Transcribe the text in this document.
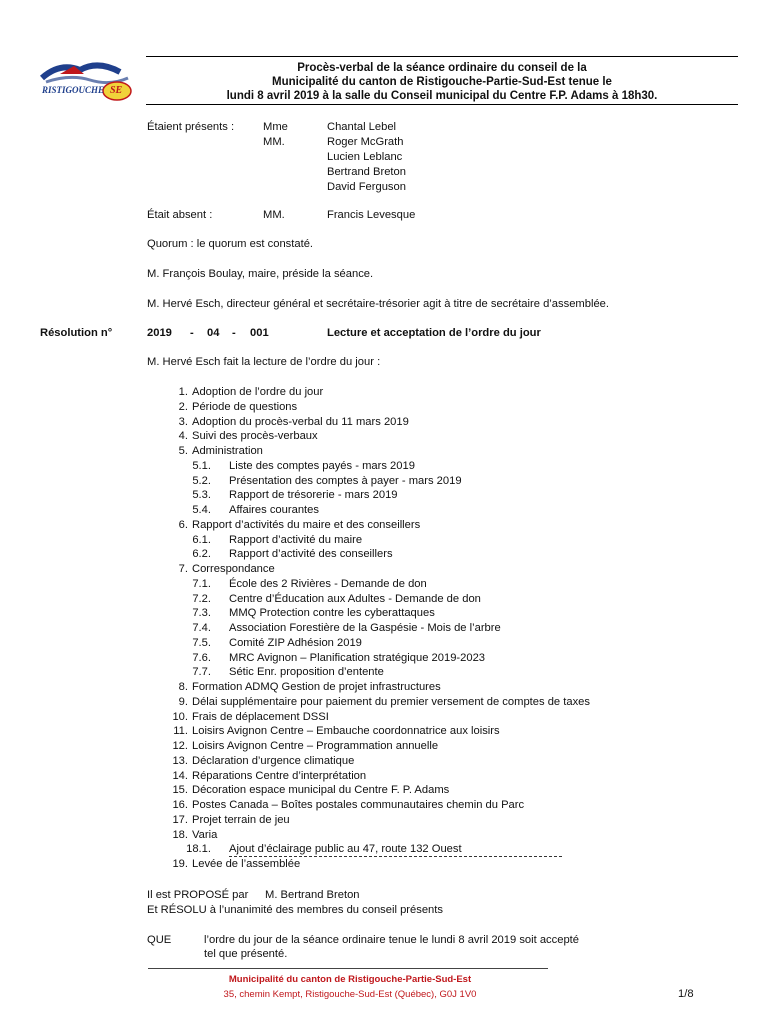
RISTIGOUCHE SE
Procès-verbal de la séance ordinaire du conseil de la
Municipalité du canton de Ristigouche-Partie-Sud-Est tenue le
lundi 8 avril 2019 à la salle du Conseil municipal du Centre F.P. Adams à 18h30.
Étaient présents :	Mme	Chantal Lebel
MM.	Roger McGrath
Lucien Leblanc
Bertrand Breton
David Ferguson
Était absent :	MM.	Francis Levesque
Quorum : le quorum est constaté.
M. François Boulay, maire, préside la séance.
M. Hervé Esch, directeur général et secrétaire-trésorier agit à titre de secrétaire d’assemblée.
Résolution n°	2019 - 04 - 001	Lecture et acceptation de l’ordre du jour
M. Hervé Esch fait la lecture de l’ordre du jour :
1. Adoption de l’ordre du jour
2. Période de questions
3. Adoption du procès-verbal du 11 mars 2019
4. Suivi des procès-verbaux
5. Administration
5.1. Liste des comptes payés - mars 2019
5.2. Présentation des comptes à payer - mars 2019
5.3. Rapport de trésorerie - mars 2019
5.4. Affaires courantes
6. Rapport d’activités du maire et des conseillers
6.1. Rapport d’activité du maire
6.2. Rapport d’activité des conseillers
7. Correspondance
7.1. École des 2 Rivières - Demande de don
7.2. Centre d’Éducation aux Adultes - Demande de don
7.3. MMQ Protection contre les cyberattaques
7.4. Association Forestière de la Gaspésie - Mois de l’arbre
7.5. Comité ZIP Adhésion 2019
7.6. MRC Avignon – Planification stratégique 2019-2023
7.7. Sétic Enr. proposition d’entente
8. Formation ADMQ Gestion de projet infrastructures
9. Délai supplémentaire pour paiement du premier versement de comptes de taxes
10. Frais de déplacement DSSI
11. Loisirs Avignon Centre – Embauche coordonnatrice aux loisirs
12. Loisirs Avignon Centre – Programmation annuelle
13. Déclaration d’urgence climatique
14. Réparations Centre d’interprétation
15. Décoration espace municipal du Centre F. P. Adams
16. Postes Canada – Boîtes postales communautaires chemin du Parc
17. Projet terrain de jeu
18. Varia
18.1. Ajout d’éclairage public au 47, route 132 Ouest
19. Levée de l’assemblée
Il est PROPOSÉ par M. Bertrand Breton
Et RÉSOLU à l’unanimité des membres du conseil présents
QUE	l’ordre du jour de la séance ordinaire tenue le lundi 8 avril 2019 soit accepté
tel que présenté.
Municipalité du canton de Ristigouche-Partie-Sud-Est
35, chemin Kempt, Ristigouche-Sud-Est (Québec), G0J 1V0	1/8
